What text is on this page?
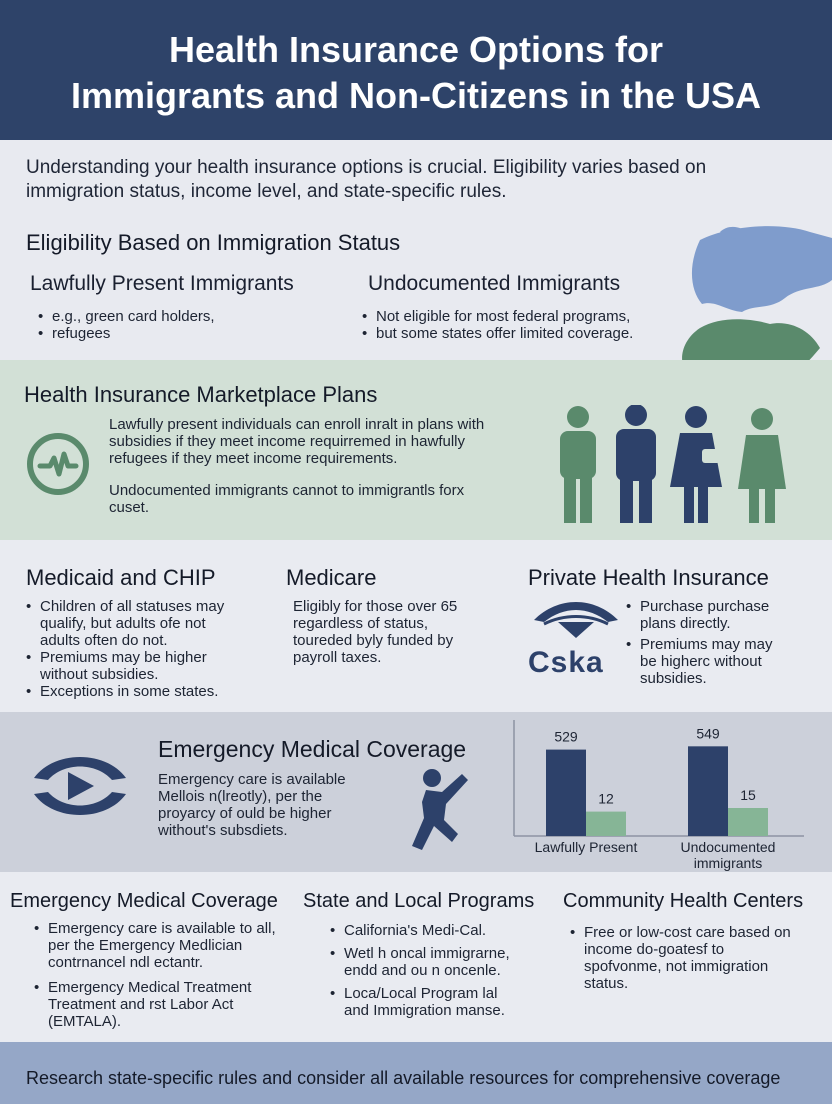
Health Insurance Options for
Immigrants and Non-Citizens in the USA
Understanding your health insurance options is crucial. Eligibility varies based on
immigration status, income level, and state-specific rules.
Eligibility Based on Immigration Status
Lawfully Present Immigrants
• e.g., green card holders,
• refugees
Undocumented Immigrants
• Not eligible for most federal programs,
• but some states offer limited coverage.
Health Insurance Marketplace Plans
Lawfully present individuals can enroll inralt in plans with
subsidies if they meet income requirremed in hawfully
refugees if they meet income requirements.
Undocumented immigrants cannot to immigrantls forx
cuset.
Medicaid and CHIP
• Children of all statuses may
qualify, but adults ofe not
adults often do not.
• Premiums may be higher
without subsidies.
• Exceptions in some states.
Medicare
Eligibly for those over 65
regardless of status,
toureded byly funded by
payroll taxes.
Private Health Insurance
Cska
• Purchase purchase
plans directly.
• Premiums may may
be higherc without
subsidies.
Emergency Medical Coverage
Emergency care is available
Mellois n(lreotly), per the
proyarcy of ould be higher
without's subsdiets.
529
12
Lawfully Present
549
15
Undocumented
immigrants
Emergency Medical Coverage
• Emergency care is available to all,
per the Emergency Medlician
contrnancel ndl ectantr.
• Emergency Medical Treatment
Treatment and rst Labor Act
(EMTALA).
State and Local Programs
• California's Medi-Cal.
• Wetl h oncal immigrarne,
endd and ou n oncenle.
• Loca/Local Program lal
and Immigration manse.
Community Health Centers
• Free or low-cost care based on
income do-goatesf to
spofvonme, not immigration
status.
Research state-specific rules and consider all available resources for comprehensive coverage
